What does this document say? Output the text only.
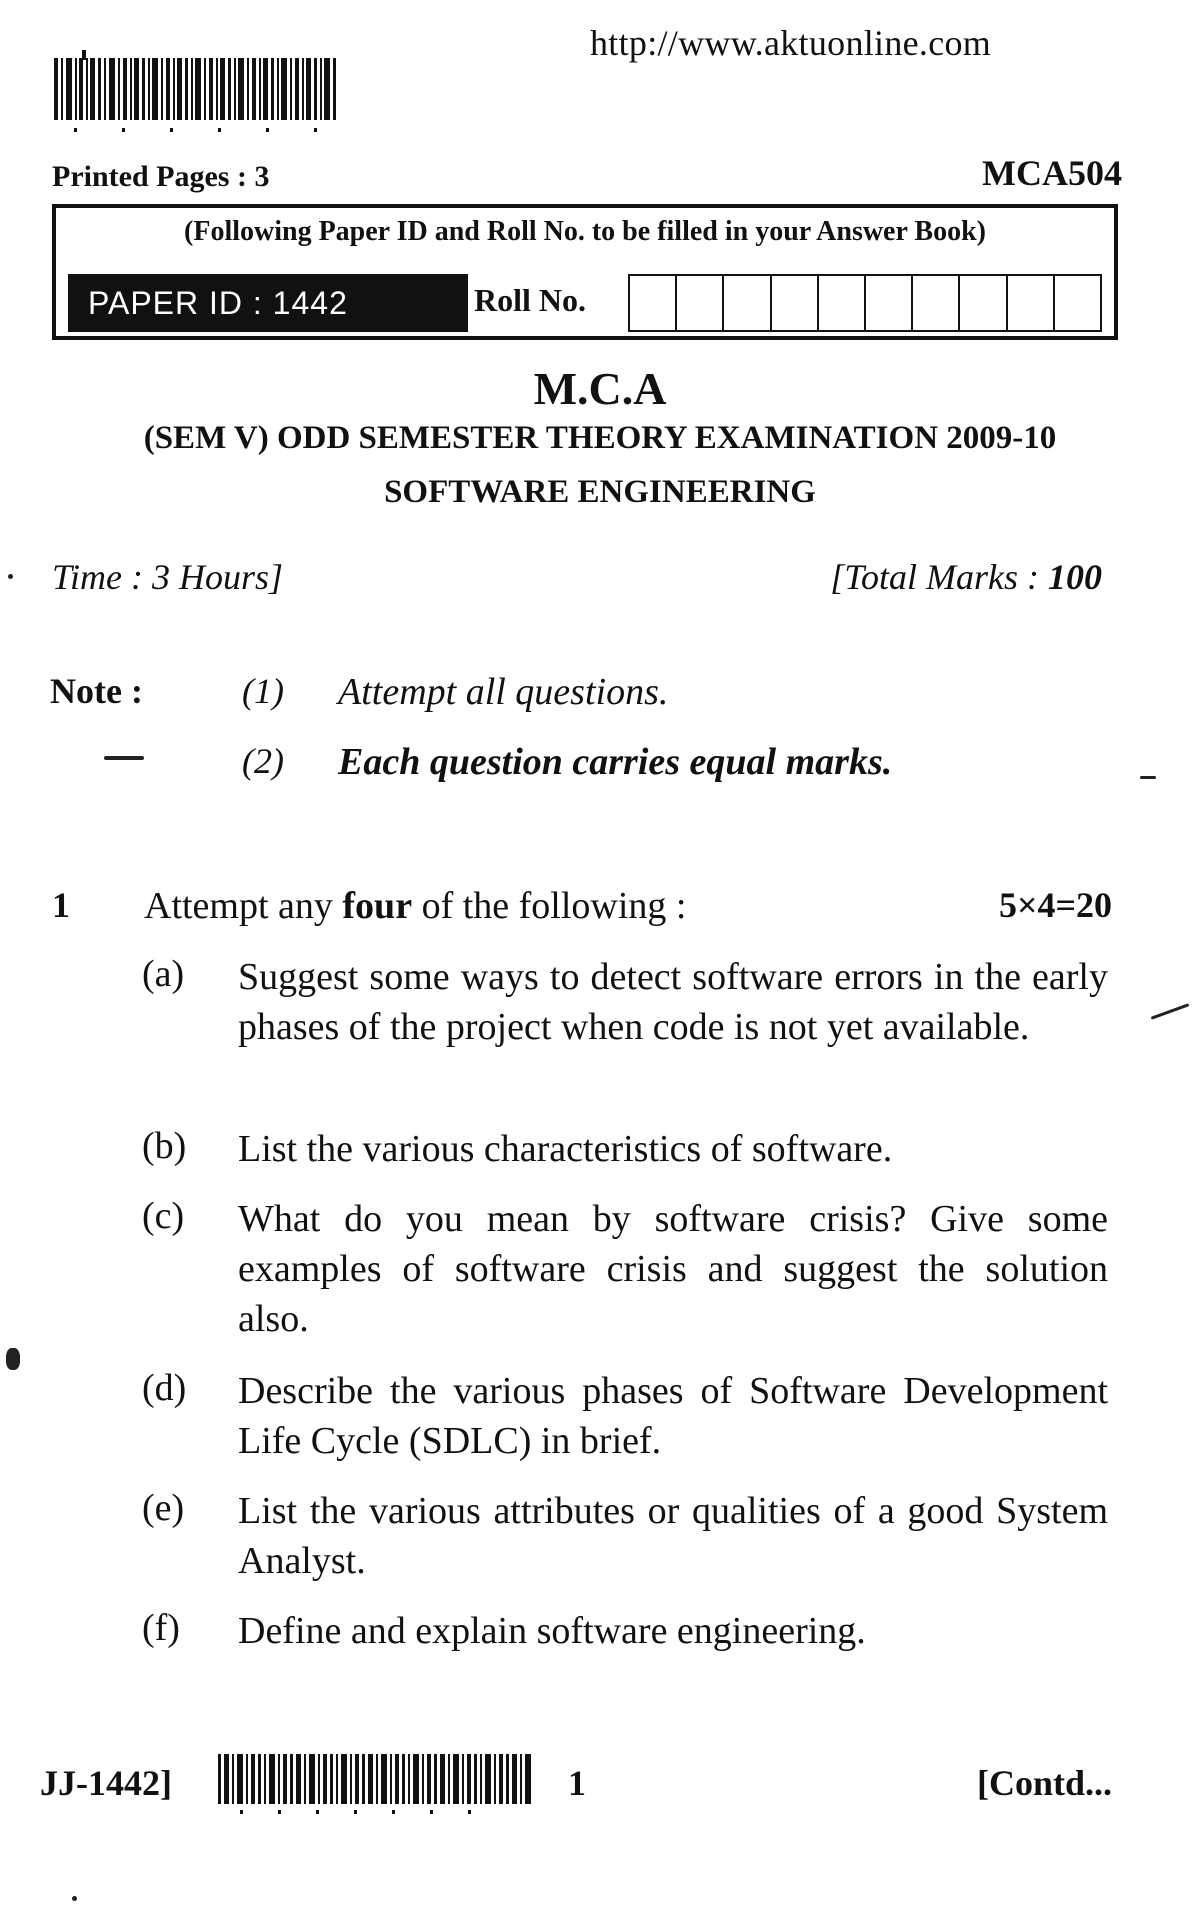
http://www.aktuonline.com
Printed Pages : 3	MCA504
(Following Paper ID and Roll No. to be filled in your Answer Book)
PAPER ID : 1442	Roll No.
M.C.A
(SEM V) ODD SEMESTER THEORY EXAMINATION 2009-10
SOFTWARE ENGINEERING
Time : 3 Hours]	[Total Marks : 100
Note :	(1) Attempt all questions.
(2) Each question carries equal marks.
1 Attempt any four of the following :	5×4=20
(a) Suggest some ways to detect software errors in the early phases of the project when code is not yet available.
(b) List the various characteristics of software.
(c) What do you mean by software crisis? Give some examples of software crisis and suggest the solution also.
(d) Describe the various phases of Software Development Life Cycle (SDLC) in brief.
(e) List the various attributes or qualities of a good System Analyst.
(f) Define and explain software engineering.
JJ-1442]	1	[Contd...
